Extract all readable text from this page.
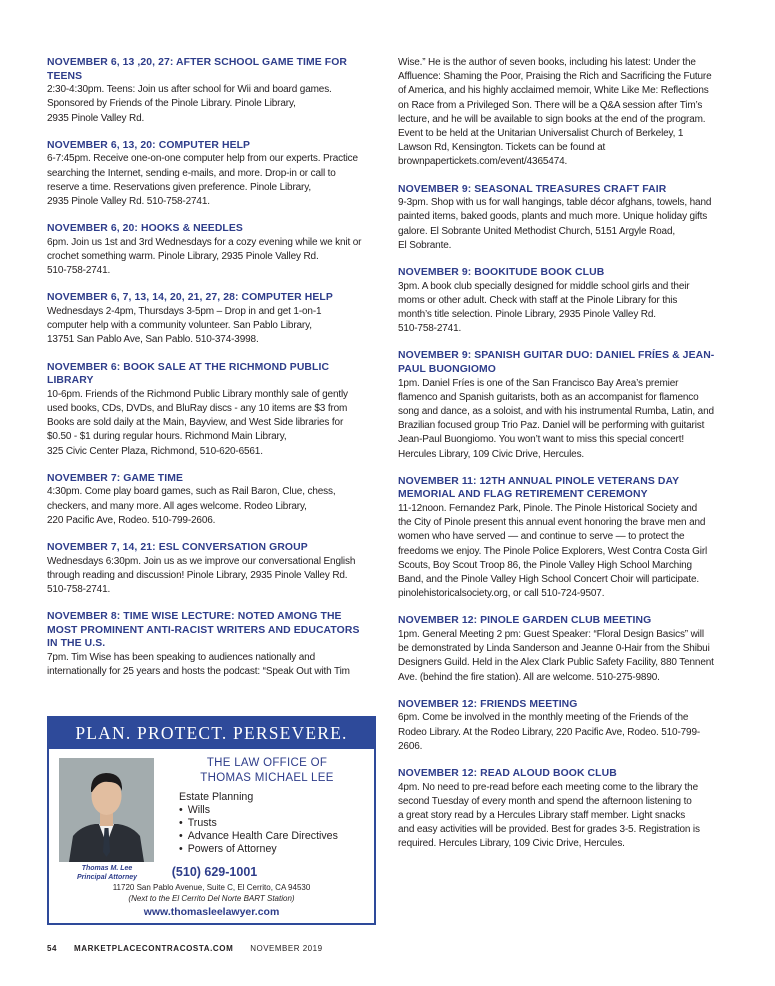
NOVEMBER 6, 13 ,20, 27: AFTER SCHOOL GAME TIME FOR TEENS

2:30-4:30pm. Teens: Join us after school for Wii and board games.
Sponsored by Friends of the Pinole Library. Pinole Library,
2935 Pinole Valley Rd.

NOVEMBER 6, 13, 20: COMPUTER HELP

6-7:45pm. Receive one-on-one computer help from our experts. Practice
searching the Internet, sending e-mails, and more. Drop-in or call to
reserve a time. Reservations given preference. Pinole Library,
2935 Pinole Valley Rd. 510-758-2741.

NOVEMBER 6, 20: HOOKS & NEEDLES

6pm. Join us 1st and 3rd Wednesdays for a cozy evening while we knit or
crochet something warm. Pinole Library, 2935 Pinole Valley Rd.
510-758-2741.

NOVEMBER 6, 7, 13, 14, 20, 21, 27, 28: COMPUTER HELP

Wednesdays 2-4pm, Thursdays 3-5pm – Drop in and get 1-on-1
computer help with a community volunteer. San Pablo Library,
13751 San Pablo Ave, San Pablo. 510-374-3998.

NOVEMBER 6: BOOK SALE AT THE RICHMOND PUBLIC LIBRARY

10-6pm. Friends of the Richmond Public Library monthly sale of gently
used books, CDs, DVDs, and BluRay discs - any 10 items are $3 from
Books are sold daily at the Main, Bayview, and West Side libraries for
$0.50 - $1 during regular hours. Richmond Main Library,
325 Civic Center Plaza, Richmond, 510-620-6561.

NOVEMBER 7: GAME TIME

4:30pm. Come play board games, such as Rail Baron, Clue, chess,
checkers, and many more. All ages welcome. Rodeo Library,
220 Pacific Ave, Rodeo. 510-799-2606.

NOVEMBER 7, 14, 21: ESL CONVERSATION GROUP

Wednesdays 6:30pm. Join us as we improve our conversational English
through reading and discussion! Pinole Library, 2935 Pinole Valley Rd.
510-758-2741.

NOVEMBER 8: TIME WISE LECTURE: NOTED AMONG THE MOST PROMINENT ANTI-RACIST WRITERS AND EDUCATORS IN THE U.S.

7pm. Tim Wise has been speaking to audiences nationally and
internationally for 25 years and hosts the podcast: “Speak Out with Tim

Wise.” He is the author of seven books, including his latest: Under the
Affluence: Shaming the Poor, Praising the Rich and Sacrificing the Future
of America, and his highly acclaimed memoir, White Like Me: Reflections
on Race from a Privileged Son. There will be a Q&A session after Tim’s
lecture, and he will be available to sign books at the end of the program.
Event to be held at the Unitarian Universalist Church of Berkeley, 1
Lawson Rd, Kensington. Tickets can be found at
brownpapertickets.com/event/4365474.

NOVEMBER 9: SEASONAL TREASURES CRAFT FAIR

9-3pm. Shop with us for wall hangings, table décor afghans, towels, hand
painted items, baked goods, plants and much more. Unique holiday gifts
galore. El Sobrante United Methodist Church, 5151 Argyle Road,
El Sobrante.

NOVEMBER 9: BOOKITUDE BOOK CLUB

3pm. A book club specially designed for middle school girls and their
moms or other adult. Check with staff at the Pinole Library for this
month’s title selection. Pinole Library, 2935 Pinole Valley Rd.
510-758-2741.

NOVEMBER 9: SPANISH GUITAR DUO: DANIEL FRÍES & JEAN-PAUL BUONGIOMO

1pm. Daniel Fríes is one of the San Francisco Bay Area’s premier
flamenco and Spanish guitarists, both as an accompanist for flamenco
song and dance, as a soloist, and with his instrumental Rumba, Latin, and
Brazilian focused group Trio Paz. Daniel will be performing with guitarist
Jean-Paul Buongiomo. You won’t want to miss this special concert!
Hercules Library, 109 Civic Drive, Hercules.

NOVEMBER 11: 12TH ANNUAL PINOLE VETERANS DAY MEMORIAL AND FLAG RETIREMENT CEREMONY

11-12noon. Fernandez Park, Pinole. The Pinole Historical Society and
the City of Pinole present this annual event honoring the brave men and
women who have served — and continue to serve — to protect the
freedoms we enjoy. The Pinole Police Explorers, West Contra Costa Girl
Scouts, Boy Scout Troop 86, the Pinole Valley High School Marching
Band, and the Pinole Valley High School Concert Choir will participate.
pinolehistoricalsociety.org, or call 510-724-9507.

NOVEMBER 12: PINOLE GARDEN CLUB MEETING

1pm. General Meeting 2 pm: Guest Speaker: “Floral Design Basics” will
be demonstrated by Linda Sanderson and Jeanne 0-Hair from the Shibui
Designers Guild. Held in the Alex Clark Public Safety Facility, 880 Tennent
Ave. (behind the fire station). All are welcome. 510-275-9890.

NOVEMBER 12: FRIENDS MEETING

6pm. Come be involved in the monthly meeting of the Friends of the
Rodeo Library. At the Rodeo Library, 220 Pacific Ave, Rodeo. 510-799-
2606.

NOVEMBER 12: READ ALOUD BOOK CLUB

4pm. No need to pre-read before each meeting come to the library the
second Tuesday of every month and spend the afternoon listening to
a great story read by a Hercules Library staff member. Light snacks
and easy activities will be provided. Best for grades 3-5. Registration is
required. Hercules Library, 109 Civic Drive, Hercules.

PLAN. PROTECT. PERSEVERE.
Thomas M. Lee
Principal Attorney
THE LAW OFFICE OF
THOMAS MICHAEL LEE
Estate Planning
• Wills
• Trusts
• Advance Health Care Directives
• Powers of Attorney
(510) 629-1001
11720 San Pablo Avenue, Suite C, El Cerrito, CA 94530
(Next to the El Cerrito Del Norte BART Station)
www.thomasleelawyer.com
54 MARKETPLACECONTRACOSTA.COM NOVEMBER 2019
